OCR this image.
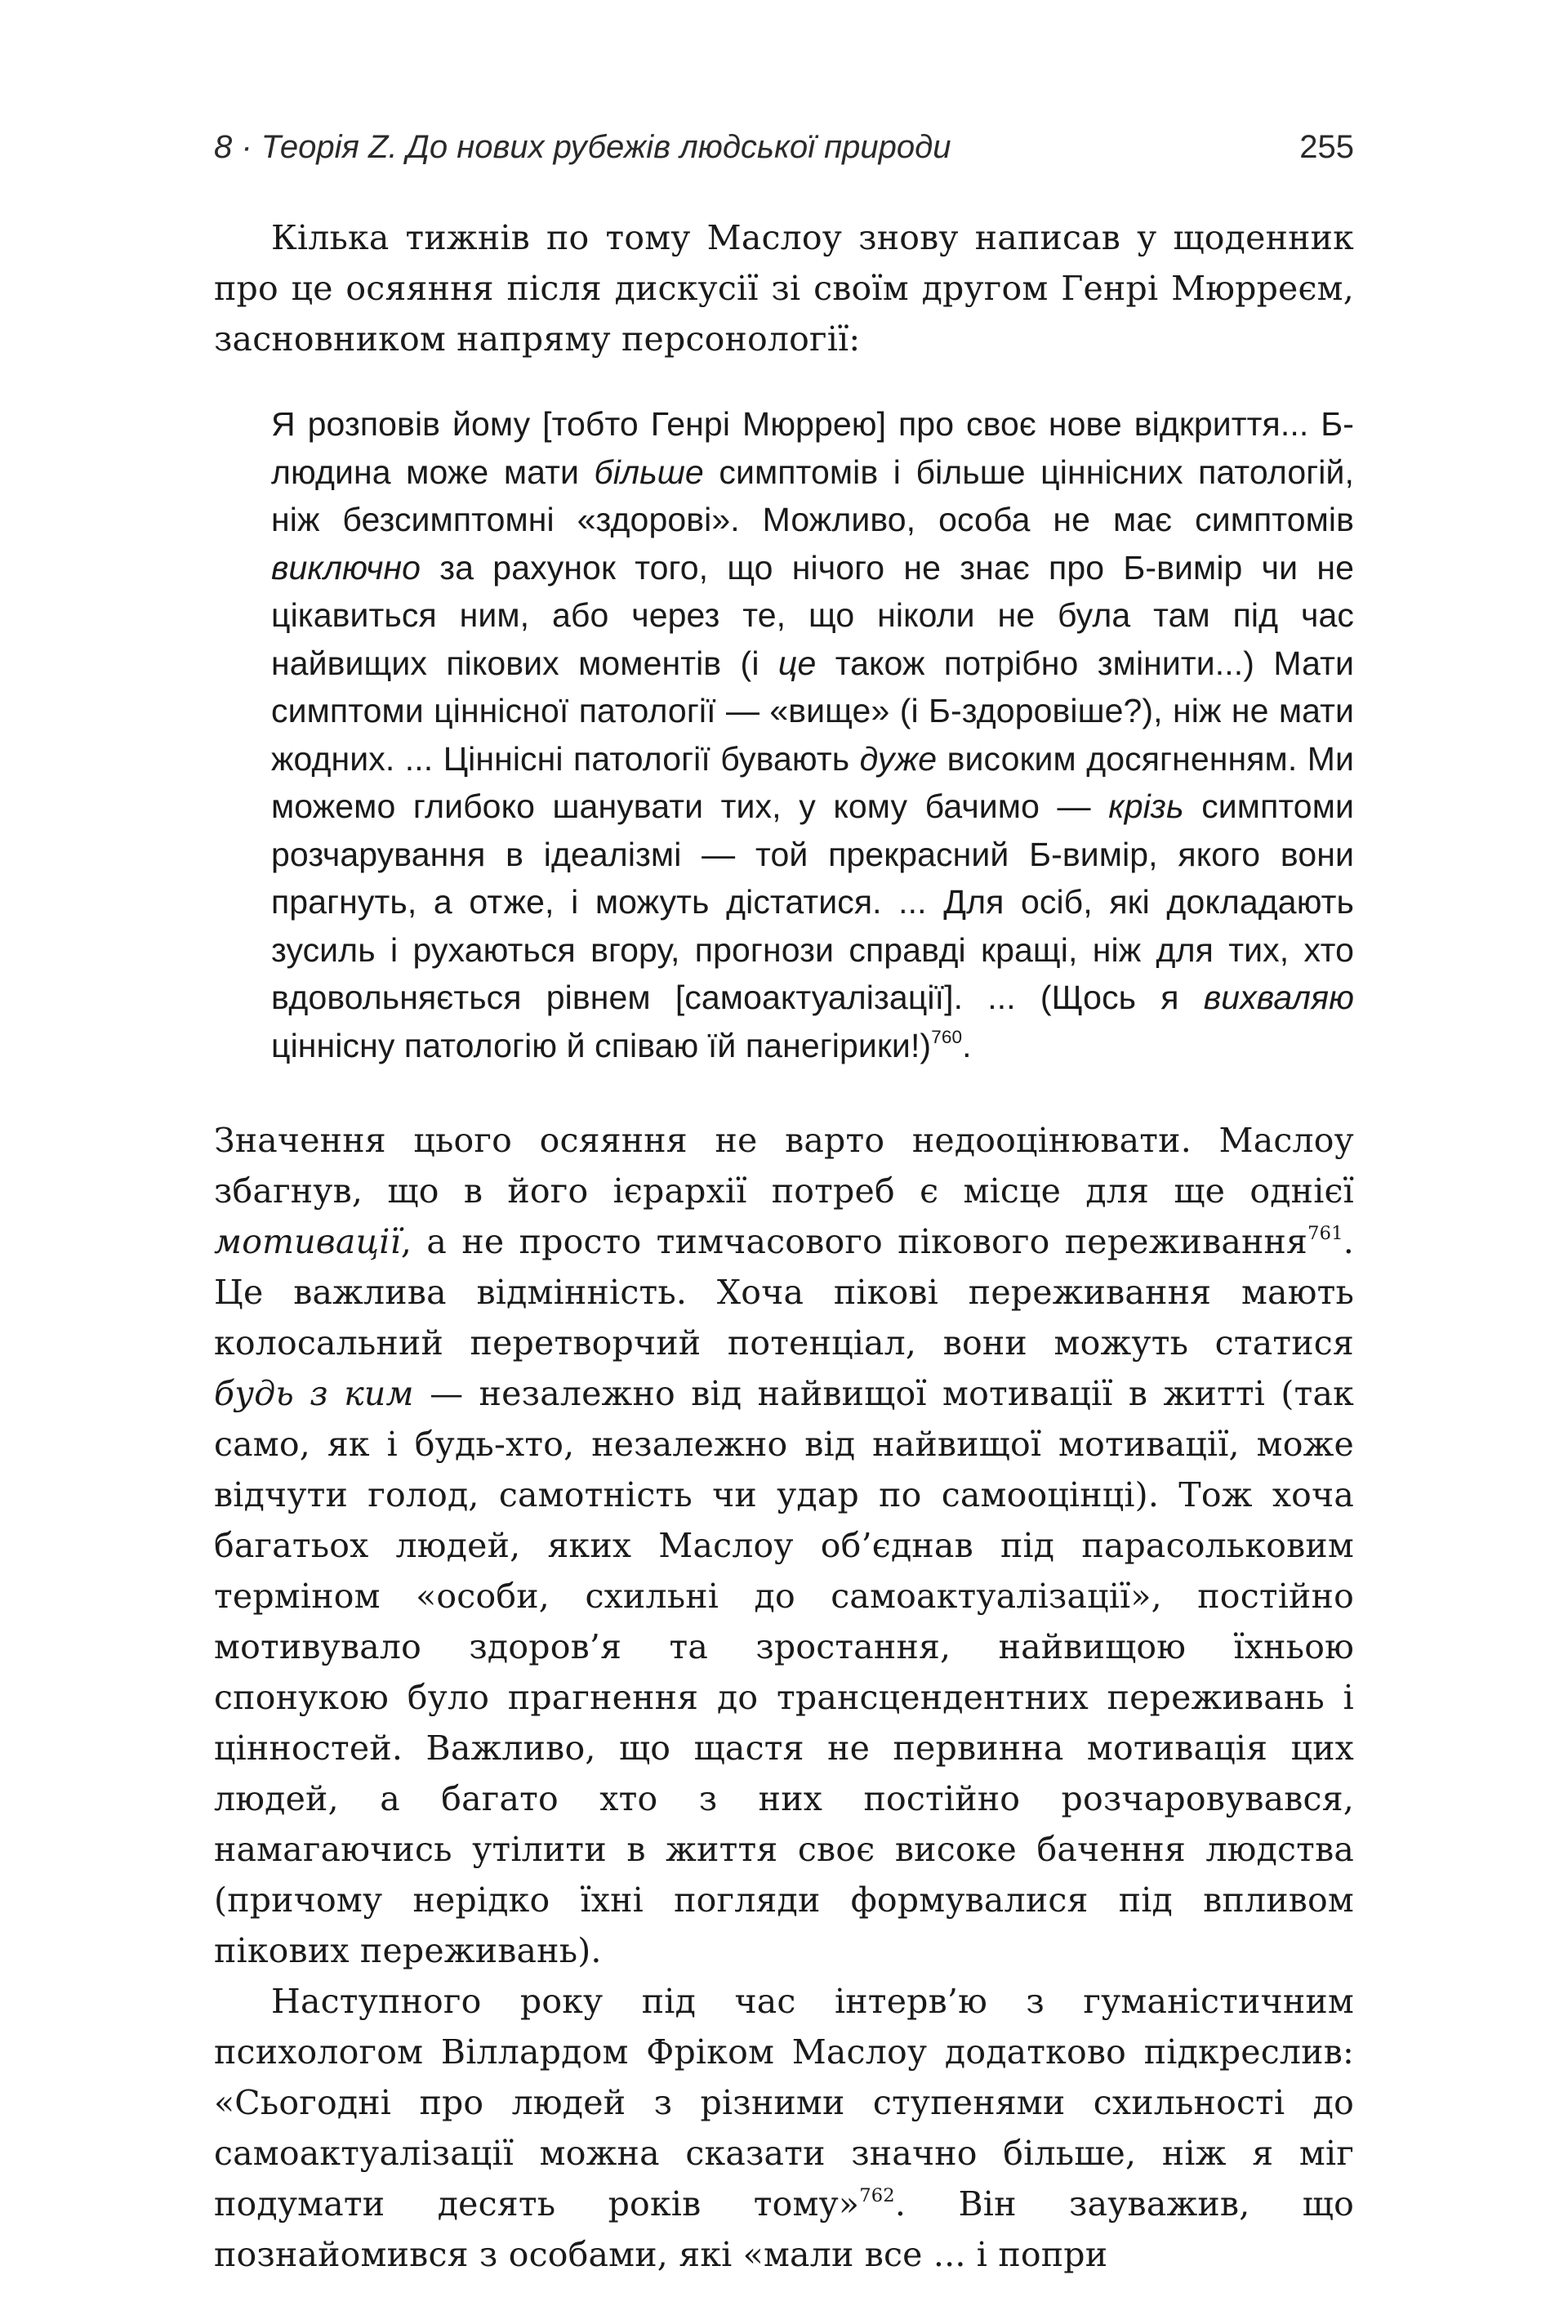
8 · Теорія Z. До нових рубежів людської природи	255

Кілька тижнів по тому Маслоу знову написав у щоденник про це осяяння після дискусії зі своїм другом Генрі Мюрреєм, засновником напряму персонології:

Я розповів йому [тобто Генрі Мюррею] про своє нове відкриття... Б-людина може мати більше симптомів і більше ціннісних патологій, ніж безсимптомні «здорові». Можливо, особа не має симптомів виключно за рахунок того, що нічого не знає про Б-вимір чи не цікавиться ним, або через те, що ніколи не була там під час найвищих пікових моментів (і це також потрібно змінити...) Мати симптоми ціннісної патології — «вище» (і Б-здоровіше?), ніж не мати жодних. ... Ціннісні патології бувають дуже високим досягненням. Ми можемо глибоко шанувати тих, у кому бачимо — крізь симптоми розчарування в ідеалізмі — той прекрасний Б-вимір, якого вони прагнуть, а отже, і можуть дістатися. ... Для осіб, які докладають зусиль і рухаються вгору, прогнози справді кращі, ніж для тих, хто вдовольняється рівнем [самоактуалізації]. ... (Щось я вихваляю ціннісну патологію й співаю їй панегірики!)$^{760}$.

Значення цього осяяння не варто недооцінювати. Маслоу збагнув, що в його ієрархії потреб є місце для ще однієї мотивації, а не просто тимчасового пікового переживання$^{761}$. Це важлива відмінність. Хоча пікові переживання мають колосальний перетворчий потенціал, вони можуть статися будь з ким — незалежно від найвищої мотивації в житті (так само, як і будь-хто, незалежно від найвищої мотивації, може відчути голод, самотність чи удар по самооцінці). Тож хоча багатьох людей, яких Маслоу об’єднав під парасольковим терміном «особи, схильні до самоактуалізації», постійно мотивувало здоров’я та зростання, найвищою їхньою спонукою було прагнення до трансцендентних переживань і цінностей. Важливо, що щастя не первинна мотивація цих людей, а багато хто з них постійно розчаровувався, намагаючись утілити в життя своє високе бачення людства (причому нерідко їхні погляди формувалися під впливом пікових переживань).

Наступного року під час інтерв’ю з гуманістичним психологом Віллардом Фріком Маслоу додатково підкреслив: «Сьогодні про людей з різними ступенями схильності до самоактуалізації можна сказати значно більше, ніж я міг подумати десять років тому»$^{762}$. Він зауважив, що познайомився з особами, які «мали все ... і попри
